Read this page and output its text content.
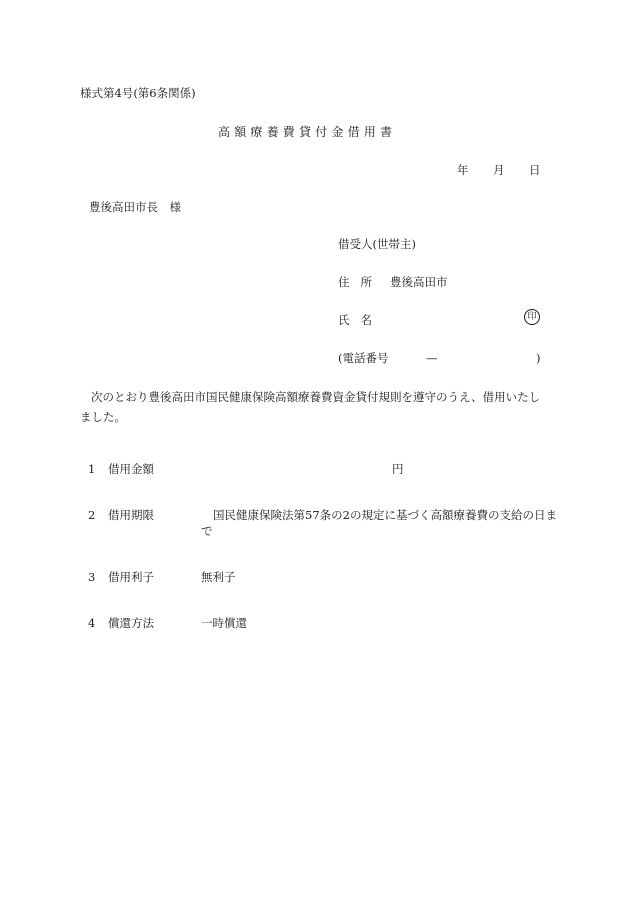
様式第4号(第6条関係)
高額療養費貸付金借用書
年 月 日
豊後高田市長　様
借受人(世帯主)
住所 豊後高田市
氏名	印
(電話番号	—	)
次のとおり豊後高田市国民健康保険高額療養費資金貸付規則を遵守のうえ、借用いたしました。
1 借用金額	円
2 借用期限	国民健康保険法第57条の2の規定に基づく高額療養費の支給の日まで
3 借用利子	無利子
4 償還方法	一時償還
